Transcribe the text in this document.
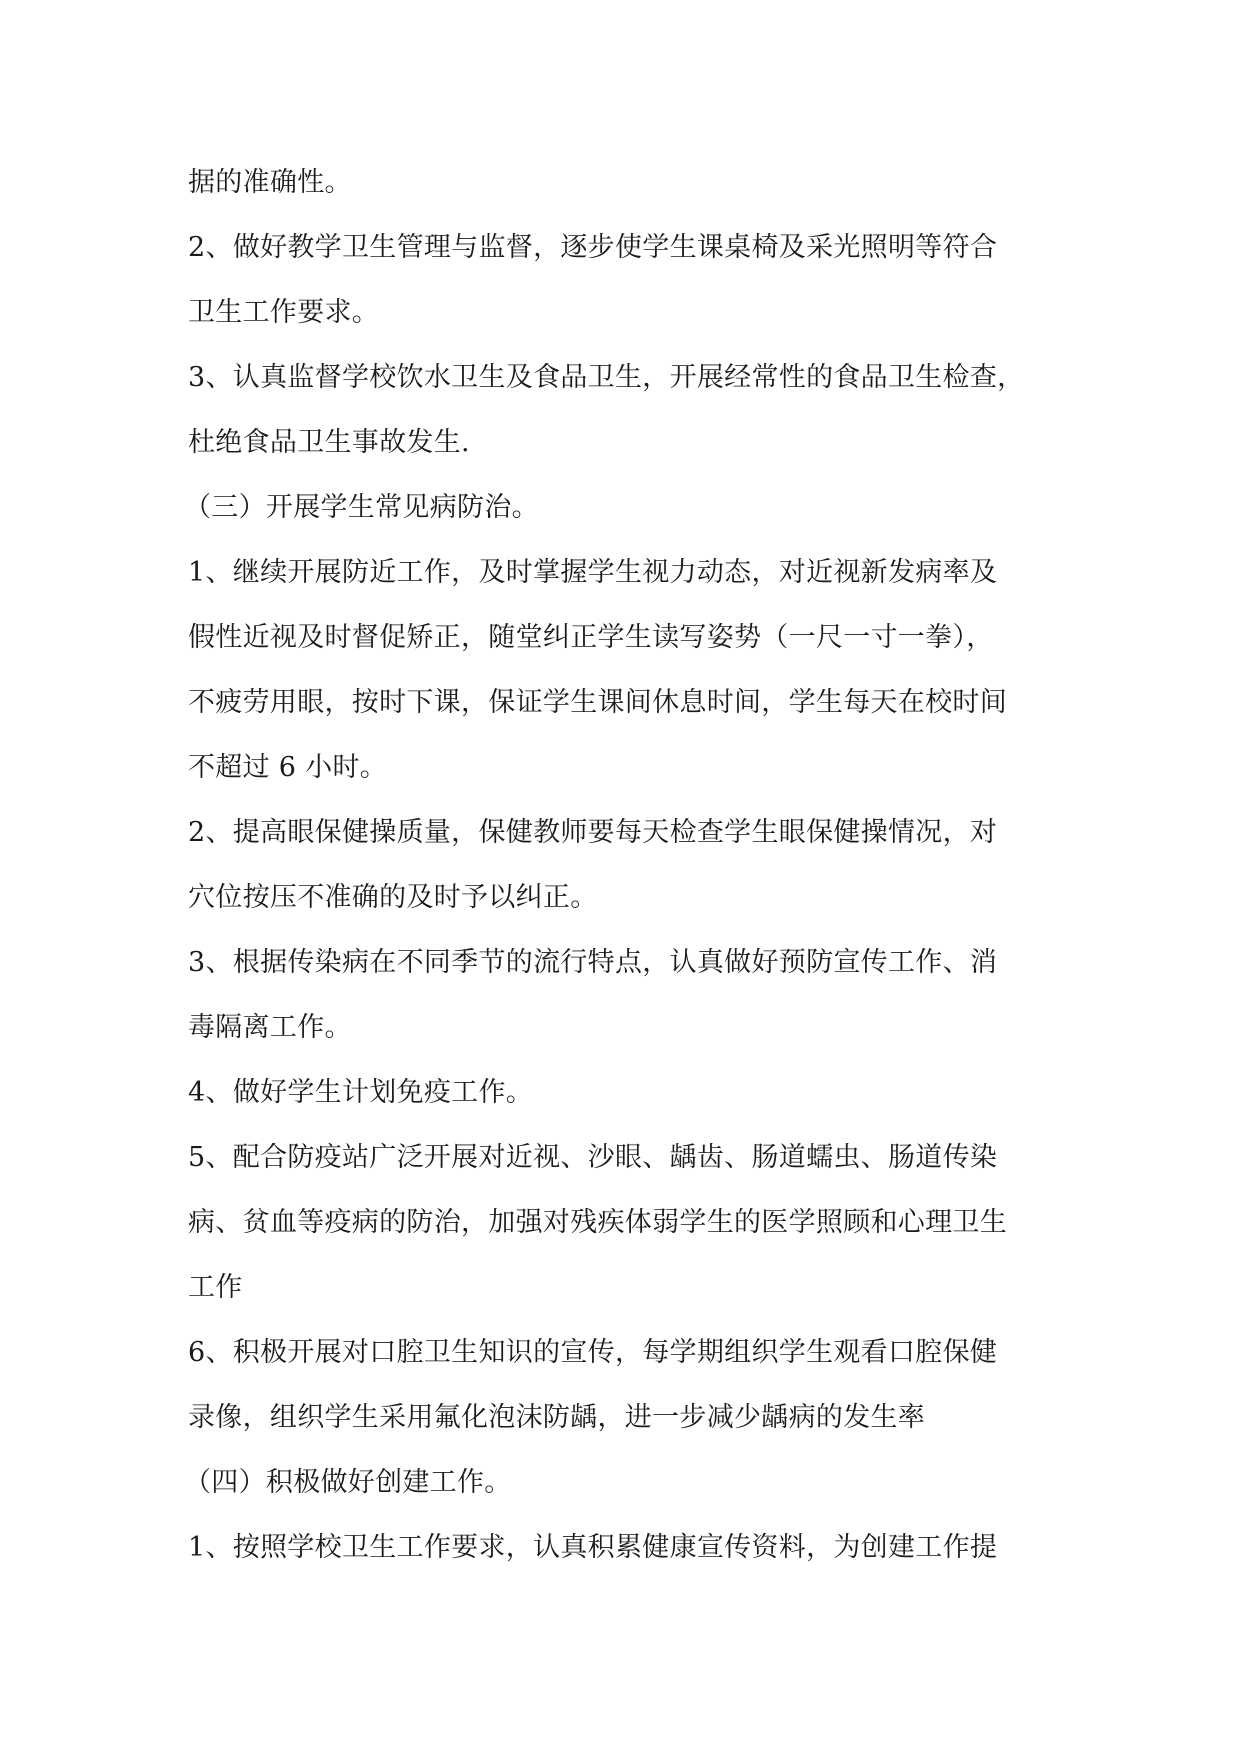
据的准确性。
2、做好教学卫生管理与监督，逐步使学生课桌椅及采光照明等符合
卫生工作要求。
3、认真监督学校饮水卫生及食品卫生，开展经常性的食品卫生检查，
杜绝食品卫生事故发生.
（三）开展学生常见病防治。
1、继续开展防近工作，及时掌握学生视力动态，对近视新发病率及
假性近视及时督促矫正，随堂纠正学生读写姿势（一尺一寸一拳），
不疲劳用眼，按时下课，保证学生课间休息时间，学生每天在校时间
不超过 6 小时。
2、提高眼保健操质量，保健教师要每天检查学生眼保健操情况，对
穴位按压不准确的及时予以纠正。
3、根据传染病在不同季节的流行特点，认真做好预防宣传工作、消
毒隔离工作。
4、做好学生计划免疫工作。
5、配合防疫站广泛开展对近视、沙眼、龋齿、肠道蠕虫、肠道传染
病、贫血等疫病的防治，加强对残疾体弱学生的医学照顾和心理卫生
工作
6、积极开展对口腔卫生知识的宣传，每学期组织学生观看口腔保健
录像，组织学生采用氟化泡沫防龋，进一步减少龋病的发生率
（四）积极做好创建工作。
1、按照学校卫生工作要求，认真积累健康宣传资料，为创建工作提
